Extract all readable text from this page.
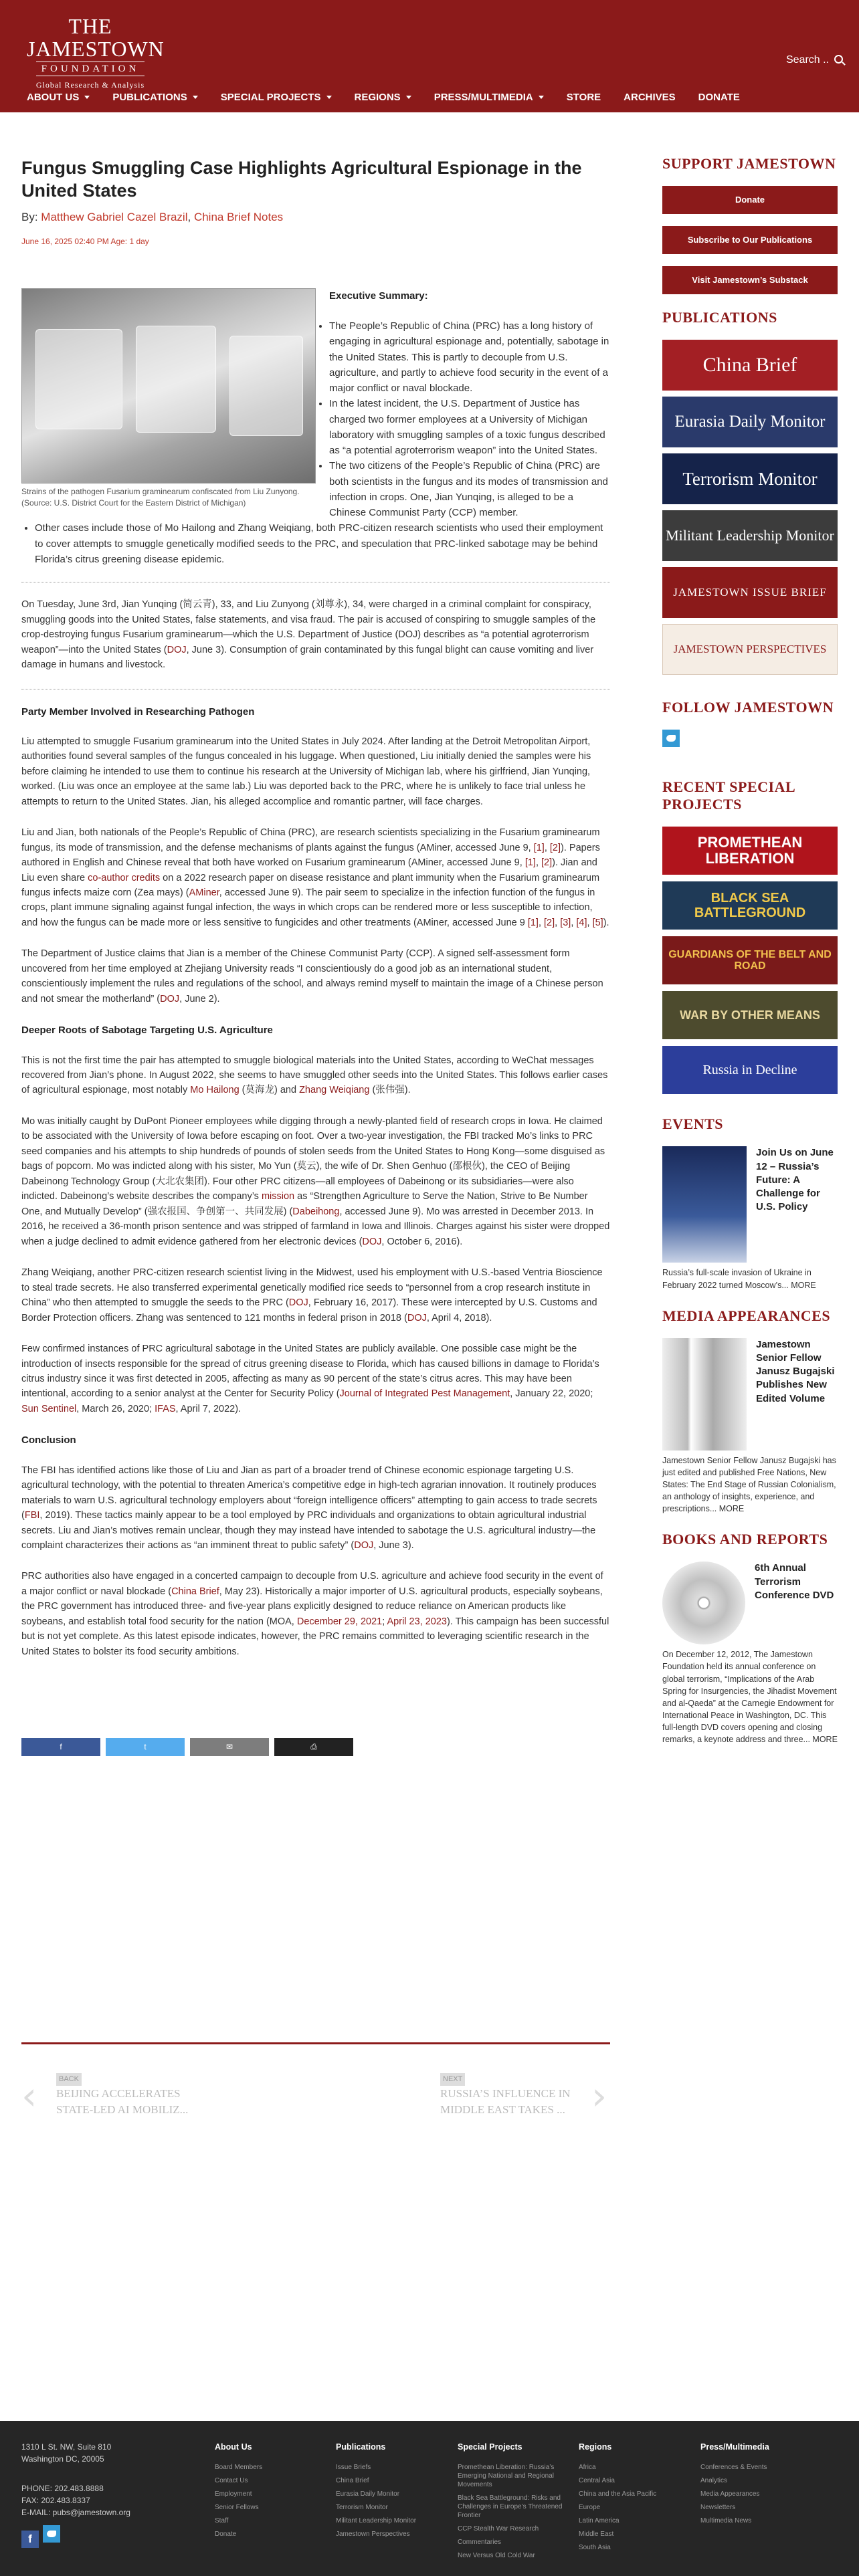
THE JAMESTOWN
FOUNDATION
Global Research & Analysis
Search ..
ABOUT US	PUBLICATIONS	SPECIAL PROJECTS	REGIONS	PRESS/MULTIMEDIA	STORE ARCHIVES DONATE
Fungus Smuggling Case Highlights Agricultural Espionage in the United States
By: Matthew Gabriel Cazel Brazil, China Brief Notes
June 16, 2025 02:40 PM Age: 1 day
Strains of the pathogen Fusarium graminearum confiscated from Liu Zunyong. (Source: U.S. District Court for the Eastern District of Michigan)
Executive Summary:
• The People’s Republic of China (PRC) has a long history of engaging in agricultural espionage and, potentially, sabotage in the United States. This is partly to decouple from U.S. agriculture, and partly to achieve food security in the event of a major conflict or naval blockade.
• In the latest incident, the U.S. Department of Justice has charged two former employees at a University of Michigan laboratory with smuggling samples of a toxic fungus described as “a potential agroterrorism weapon” into the United States.
• The two citizens of the People’s Republic of China (PRC) are both scientists in the fungus and its modes of transmission and infection in crops. One, Jian Yunqing, is alleged to be a Chinese Communist Party (CCP) member.
• Other cases include those of Mo Hailong and Zhang Weiqiang, both PRC-citizen research scientists who used their employment to cover attempts to smuggle genetically modified seeds to the PRC, and speculation that PRC-linked sabotage may be behind Florida’s citrus greening disease epidemic.

On Tuesday, June 3rd, Jian Yunqing (简云青), 33, and Liu Zunyong (刘尊永), 34, were charged in a criminal complaint for conspiracy, smuggling goods into the United States, false statements, and visa fraud. The pair is accused of conspiring to smuggle samples of the crop-destroying fungus Fusarium graminearum—which the U.S. Department of Justice (DOJ) describes as “a potential agroterrorism weapon”—into the United States (DOJ, June 3). Consumption of grain contaminated by this fungal blight can cause vomiting and liver damage in humans and livestock.

Party Member Involved in Researching Pathogen

Liu attempted to smuggle Fusarium graminearum into the United States in July 2024. After landing at the Detroit Metropolitan Airport, authorities found several samples of the fungus concealed in his luggage. When questioned, Liu initially denied the samples were his before claiming he intended to use them to continue his research at the University of Michigan lab, where his girlfriend, Jian Yunqing, worked. (Liu was once an employee at the same lab.) Liu was deported back to the PRC, where he is unlikely to face trial unless he attempts to return to the United States. Jian, his alleged accomplice and romantic partner, will face charges.

Liu and Jian, both nationals of the People’s Republic of China (PRC), are research scientists specializing in the Fusarium graminearum fungus, its mode of transmission, and the defense mechanisms of plants against the fungus (AMiner, accessed June 9, [1], [2]). Papers authored in English and Chinese reveal that both have worked on Fusarium graminearum (AMiner, accessed June 9, [1], [2]). Jian and Liu even share co-author credits on a 2022 research paper on disease resistance and plant immunity when the Fusarium graminearum fungus infects maize corn (Zea mays) (AMiner, accessed June 9). The pair seem to specialize in the infection function of the fungus in crops, plant immune signaling against fungal infection, the ways in which crops can be rendered more or less susceptible to infection, and how the fungus can be made more or less sensitive to fungicides and other treatments (AMiner, accessed June 9 [1], [2], [3], [4], [5]).

The Department of Justice claims that Jian is a member of the Chinese Communist Party (CCP). A signed self-assessment form uncovered from her time employed at Zhejiang University reads “I conscientiously do a good job as an international student, conscientiously implement the rules and regulations of the school, and always remind myself to maintain the image of a Chinese person and not smear the motherland” (DOJ, June 2).

Deeper Roots of Sabotage Targeting U.S. Agriculture

This is not the first time the pair has attempted to smuggle biological materials into the United States, according to WeChat messages recovered from Jian’s phone. In August 2022, she seems to have smuggled other seeds into the United States. This follows earlier cases of agricultural espionage, most notably Mo Hailong (莫海龙) and Zhang Weiqiang (张伟强).

Mo was initially caught by DuPont Pioneer employees while digging through a newly-planted field of research crops in Iowa. He claimed to be associated with the University of Iowa before escaping on foot. Over a two-year investigation, the FBI tracked Mo’s links to PRC seed companies and his attempts to ship hundreds of pounds of stolen seeds from the United States to Hong Kong—some disguised as bags of popcorn. Mo was indicted along with his sister, Mo Yun (莫云), the wife of Dr. Shen Genhuo (邵根伙), the CEO of Beijing Dabeinong Technology Group (大北农集团). Four other PRC citizens—all employees of Dabeinong or its subsidiaries—were also indicted. Dabeinong’s website describes the company’s mission as “Strengthen Agriculture to Serve the Nation, Strive to Be Number One, and Mutually Develop” (强农报国、争创第一、共同发展) (Dabeihong, accessed June 9). Mo was arrested in December 2013. In 2016, he received a 36-month prison sentence and was stripped of farmland in Iowa and Illinois. Charges against his sister were dropped when a judge declined to admit evidence gathered from her electronic devices (DOJ, October 6, 2016).

Zhang Weiqiang, another PRC-citizen research scientist living in the Midwest, used his employment with U.S.-based Ventria Bioscience to steal trade secrets. He also transferred experimental genetically modified rice seeds to “personnel from a crop research institute in China” who then attempted to smuggle the seeds to the PRC (DOJ, February 16, 2017). These were intercepted by U.S. Customs and Border Protection officers. Zhang was sentenced to 121 months in federal prison in 2018 (DOJ, April 4, 2018).

Few confirmed instances of PRC agricultural sabotage in the United States are publicly available. One possible case might be the introduction of insects responsible for the spread of citrus greening disease to Florida, which has caused billions in damage to Florida’s citrus industry since it was first detected in 2005, affecting as many as 90 percent of the state’s citrus acres. This may have been intentional, according to a senior analyst at the Center for Security Policy (Journal of Integrated Pest Management, January 22, 2020; Sun Sentinel, March 26, 2020; IFAS, April 7, 2022).

Conclusion

The FBI has identified actions like those of Liu and Jian as part of a broader trend of Chinese economic espionage targeting U.S. agricultural technology, with the potential to threaten America’s competitive edge in high-tech agrarian innovation. It routinely produces materials to warn U.S. agricultural technology employers about “foreign intelligence officers” attempting to gain access to trade secrets (FBI, 2019). These tactics mainly appear to be a tool employed by PRC individuals and organizations to obtain agricultural industrial secrets. Liu and Jian’s motives remain unclear, though they may instead have intended to sabotage the U.S. agricultural industry—the complaint characterizes their actions as “an imminent threat to public safety” (DOJ, June 3).

PRC authorities also have engaged in a concerted campaign to decouple from U.S. agriculture and achieve food security in the event of a major conflict or naval blockade (China Brief, May 23). Historically a major importer of U.S. agricultural products, especially soybeans, the PRC government has introduced three- and five-year plans explicitly designed to reduce reliance on American products like soybeans, and establish total food security for the nation (MOA, December 29, 2021; April 23, 2023). This campaign has been successful but is not yet complete. As this latest episode indicates, however, the PRC remains committed to leveraging scientific research in the United States to bolster its food security ambitions.

f	t	✉	⎙
‹	BACK
BEIJING ACCELERATES STATE-LED AI MOBILIZ...
NEXT
RUSSIA’S INFLUENCE IN MIDDLE EAST TAKES ... ›
SUPPORT JAMESTOWN
Donate
Subscribe to Our Publications
Visit Jamestown’s Substack
PUBLICATIONS
China Brief
Eurasia Daily Monitor
Terrorism Monitor
Militant Leadership Monitor
JAMESTOWN ISSUE BRIEF
JAMESTOWN PERSPECTIVES
FOLLOW JAMESTOWN
RECENT SPECIAL PROJECTS
PROMETHEAN LIBERATION
BLACK SEA BATTLEGROUND
GUARDIANS OF THE BELT AND ROAD
WAR BY OTHER MEANS
Russia in Decline
EVENTS
Join Us on June 12 – Russia’s Future: A Challenge for U.S. Policy
Russia’s full-scale invasion of Ukraine in February 2022 turned Moscow’s... MORE
MEDIA APPEARANCES
Jamestown Senior Fellow Janusz Bugajski Publishes New Edited Volume
Jamestown Senior Fellow Janusz Bugajski has just edited and published Free Nations, New States: The End Stage of Russian Colonialism, an anthology of insights, experience, and prescriptions... MORE
BOOKS AND REPORTS
6th Annual Terrorism Conference DVD
On December 12, 2012, The Jamestown Foundation held its annual conference on global terrorism, “Implications of the Arab Spring for Insurgencies, the Jihadist Movement and al-Qaeda” at the Carnegie Endowment for International Peace in Washington, DC. This full-length DVD covers opening and closing remarks, a keynote address and three... MORE
1310 L St. NW, Suite 810
Washington DC, 20005
PHONE: 202.483.8888
FAX: 202.483.8337
E-MAIL: pubs@jamestown.org
f
About Us
Board Members
Contact Us
Employment
Senior Fellows
Staff
Donate
Publications
Issue Briefs
China Brief
Eurasia Daily Monitor
Terrorism Monitor
Militant Leadership Monitor
Jamestown Perspectives
Special Projects
Promethean Liberation: Russia’s Emerging National and Regional Movements
Black Sea Battleground: Risks and Challenges in Europe’s Threatened Frontier
CCP Stealth War Research
Commentaries
New Versus Old Cold War
Regions
Africa
Central Asia
China and the Asia Pacific
Europe
Latin America
Middle East
South Asia
Press/Multimedia
Conferences & Events
Analytics
Media Appearances
Newsletters
Multimedia News
